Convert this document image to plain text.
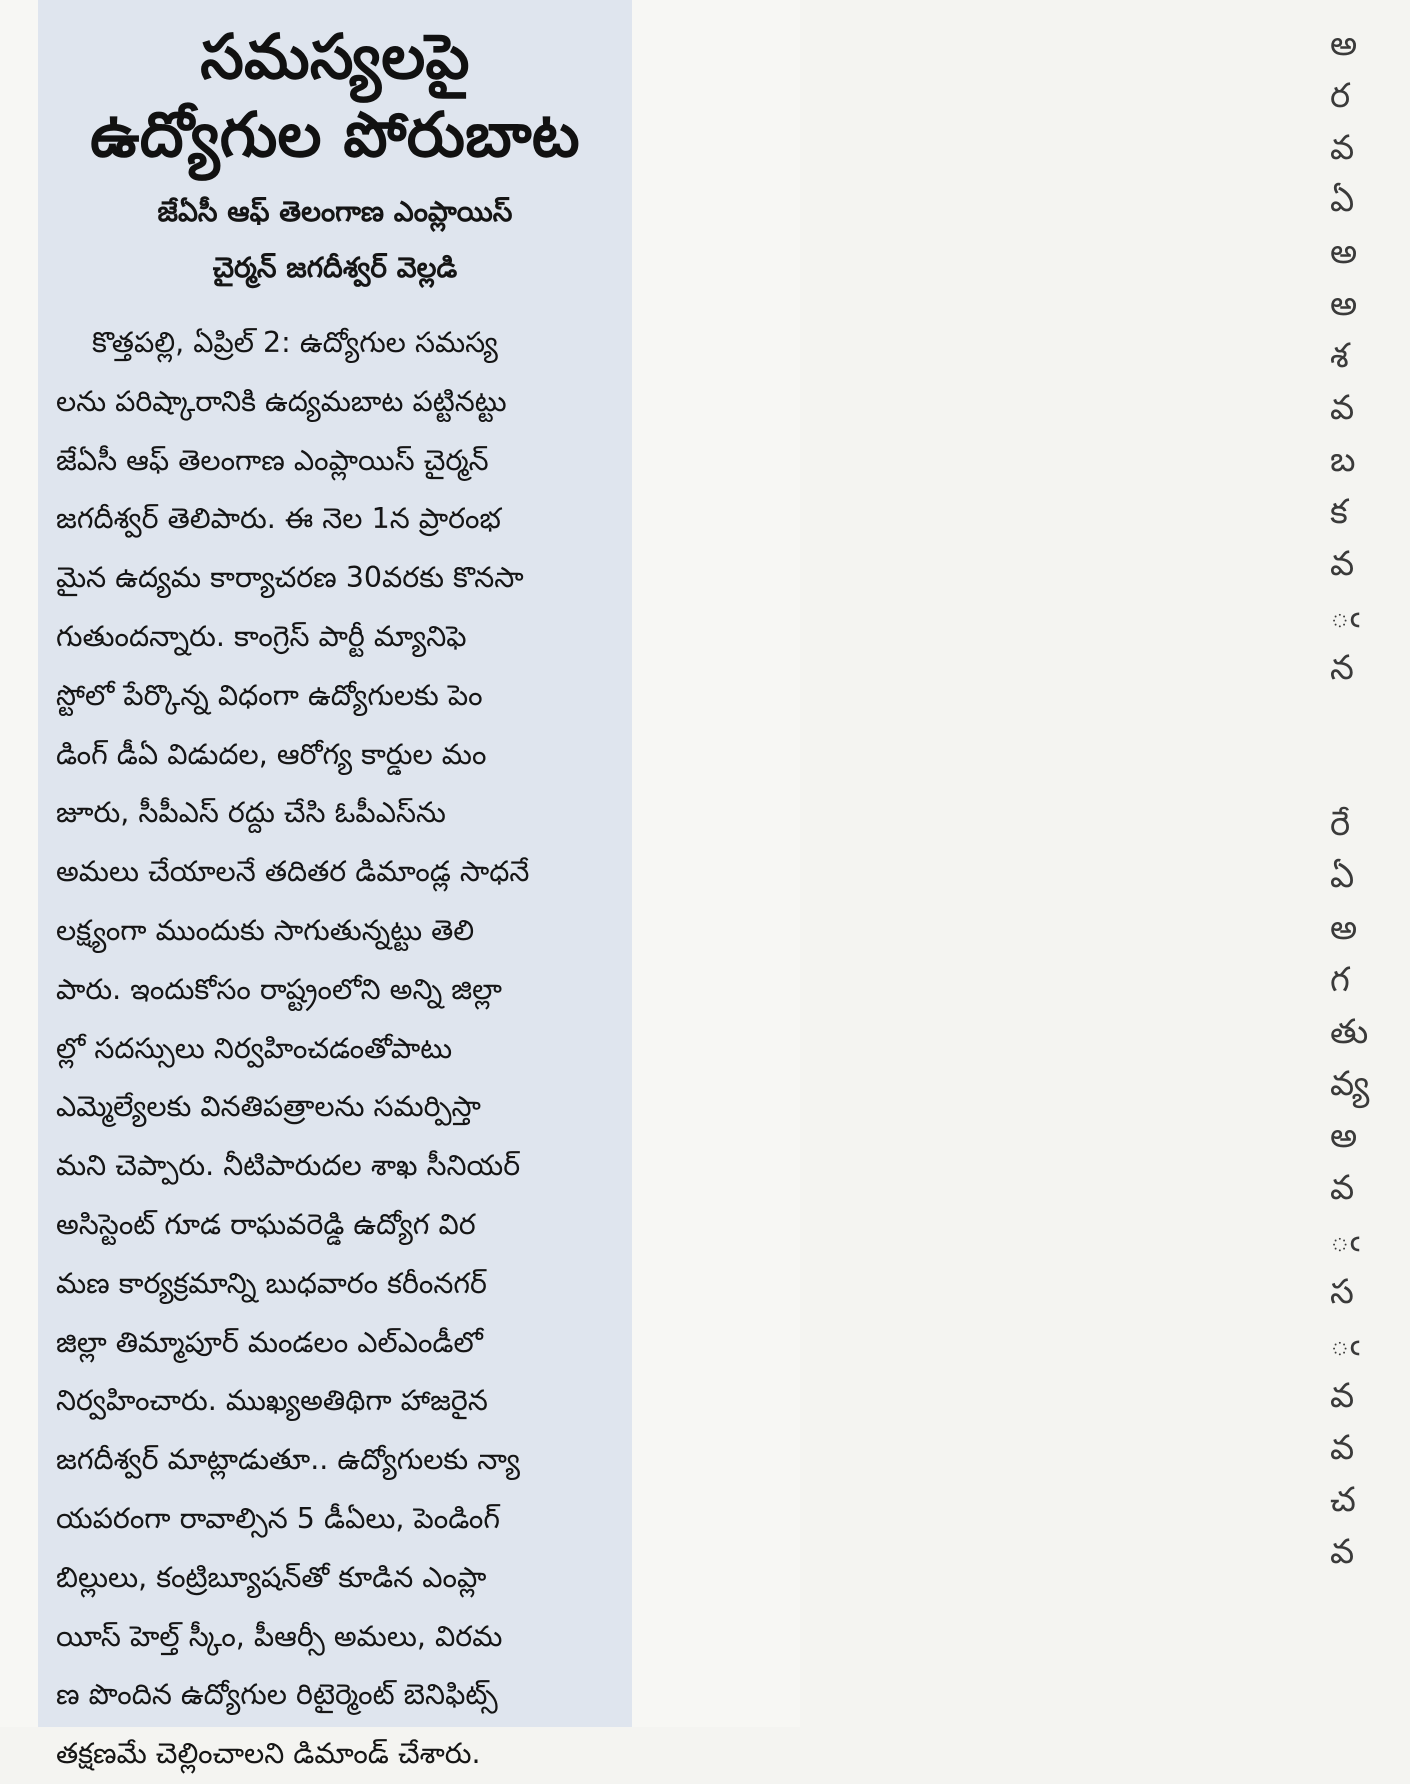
సమస్యలపై
ఉద్యోగుల పోరుబాట
జేఏసీ ఆఫ్ తెలంగాణ ఎంప్లాయిస్
చైర్మన్ జగదీశ్వర్ వెల్లడి
కొత్తపల్లి, ఏప్రిల్ 2: ఉద్యోగుల సమస్య
లను పరిష్కారానికి ఉద్యమబాట పట్టినట్టు
జేఏసీ ఆఫ్ తెలంగాణ ఎంప్లాయిస్ చైర్మన్
జగదీశ్వర్ తెలిపారు. ఈ నెల 1న ప్రారంభ
మైన ఉద్యమ కార్యాచరణ 30వరకు కొనసా
గుతుందన్నారు. కాంగ్రెస్ పార్టీ మ్యానిఫె
స్టోలో పేర్కొన్న విధంగా ఉద్యోగులకు పెం
డింగ్ డీఏ విడుదల, ఆరోగ్య కార్డుల మం
జూరు, సీపీఎస్ రద్దు చేసి ఓపీఎస్‌ను
అమలు చేయాలనే తదితర డిమాండ్ల సాధనే
లక్ష్యంగా ముందుకు సాగుతున్నట్టు తెలి
పారు. ఇందుకోసం రాష్ట్రంలోని అన్ని జిల్లా
ల్లో సదస్సులు నిర్వహించడంతోపాటు
ఎమ్మెల్యేలకు వినతిపత్రాలను సమర్పిస్తా
మని చెప్పారు. నీటిపారుదల శాఖ సీనియర్
అసిస్టెంట్ గూడ రాఘవరెడ్డి ఉద్యోగ విర
మణ కార్యక్రమాన్ని బుధవారం కరీంనగర్
జిల్లా తిమ్మాపూర్ మండలం ఎల్‌ఎండీలో
నిర్వహించారు. ముఖ్యఅతిథిగా హాజరైన
జగదీశ్వర్ మాట్లాడుతూ.. ఉద్యోగులకు న్యా
యపరంగా రావాల్సిన 5 డీఏలు, పెండింగ్
బిల్లులు, కంట్రిబ్యూషన్‌తో కూడిన ఎంప్లా
యీస్ హెల్త్ స్కీం, పీఆర్సీ అమలు, విరమ
ణ పొందిన ఉద్యోగుల రిటైర్మెంట్ బెనిఫిట్స్
తక్షణమే చెల్లించాలని డిమాండ్ చేశారు.
అ
ర
వ
ఏ
అ
అ
శ
వ
బ
క
వ
ఁ
న
రే
ఏ
అ
గ
తు
వ్య
అ
వ
ఁ
స
ఁ
వ
వ
చ
వ
